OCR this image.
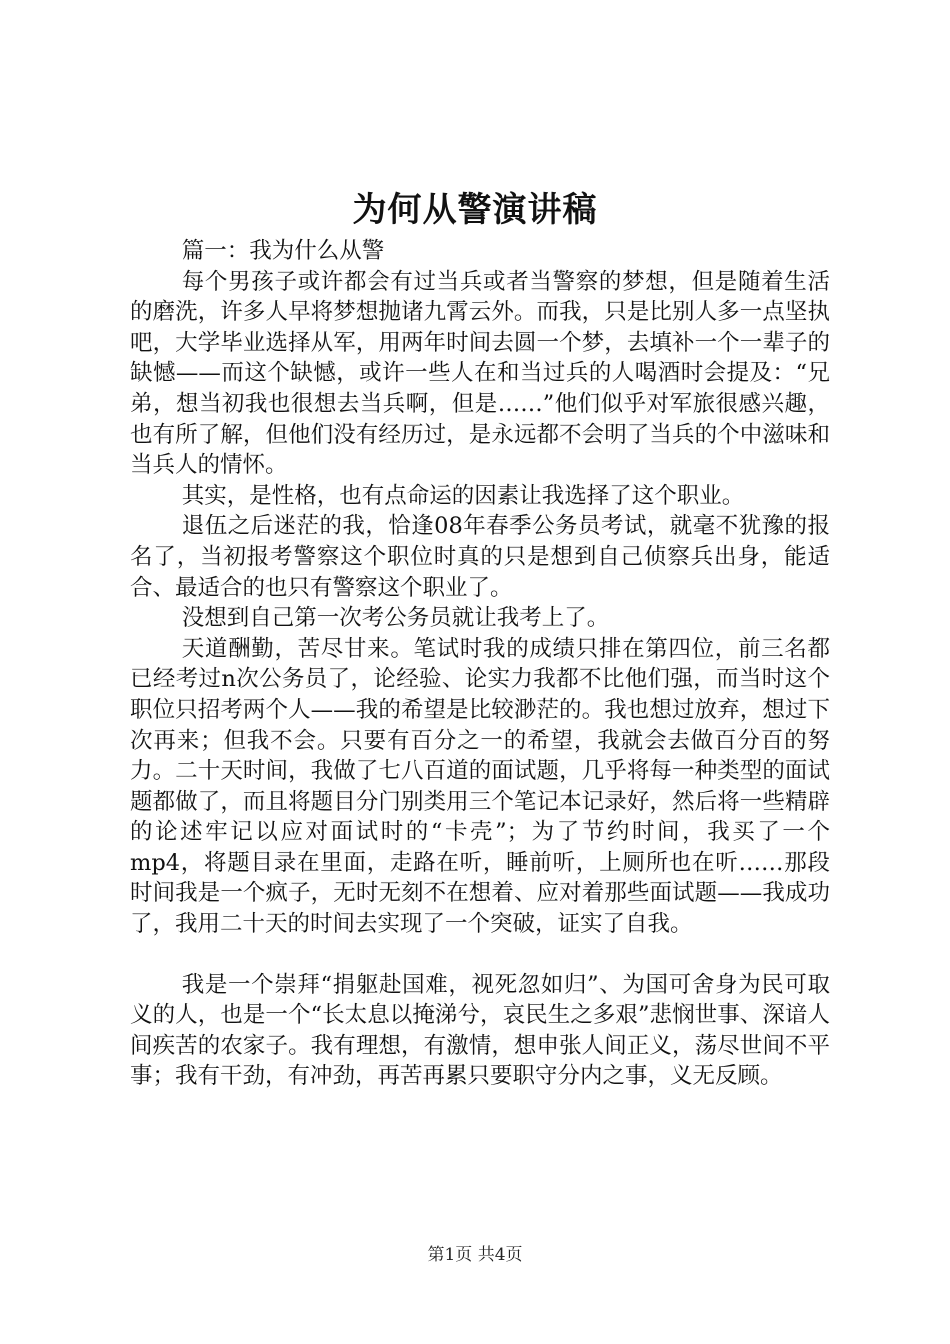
为何从警演讲稿

篇一：我为什么从警

每个男孩子或许都会有过当兵或者当警察的梦想，但是随着生活的磨洗，许多人早将梦想抛诸九霄云外。而我，只是比别人多一点坚执吧，大学毕业选择从军，用两年时间去圆一个梦，去填补一个一辈子的缺憾——而这个缺憾，或许一些人在和当过兵的人喝酒时会提及：“兄弟，想当初我也很想去当兵啊，但是……”他们似乎对军旅很感兴趣，也有所了解，但他们没有经历过，是永远都不会明了当兵的个中滋味和当兵人的情怀。

其实，是性格，也有点命运的因素让我选择了这个职业。

退伍之后迷茫的我，恰逢08年春季公务员考试，就毫不犹豫的报名了，当初报考警察这个职位时真的只是想到自己侦察兵出身，能适合、最适合的也只有警察这个职业了。

没想到自己第一次考公务员就让我考上了。

天道酬勤，苦尽甘来。笔试时我的成绩只排在第四位，前三名都已经考过n次公务员了，论经验、论实力我都不比他们强，而当时这个职位只招考两个人——我的希望是比较渺茫的。我也想过放弃，想过下次再来；但我不会。只要有百分之一的希望，我就会去做百分百的努力。二十天时间，我做了七八百道的面试题，几乎将每一种类型的面试题都做了，而且将题目分门别类用三个笔记本记录好，然后将一些精辟的论述牢记以应对面试时的“卡壳”；为了节约时间，我买了一个mp4，将题目录在里面，走路在听，睡前听，上厕所也在听……那段时间我是一个疯子，无时无刻不在想着、应对着那些面试题——我成功了，我用二十天的时间去实现了一个突破，证实了自我。

我是一个崇拜“捐躯赴国难，视死忽如归”、为国可舍身为民可取义的人，也是一个“长太息以掩涕兮，哀民生之多艰”悲悯世事、深谙人间疾苦的农家子。我有理想，有激情，想申张人间正义，荡尽世间不平事；我有干劲，有冲劲，再苦再累只要职守分内之事，义无反顾。

第1页 共4页
